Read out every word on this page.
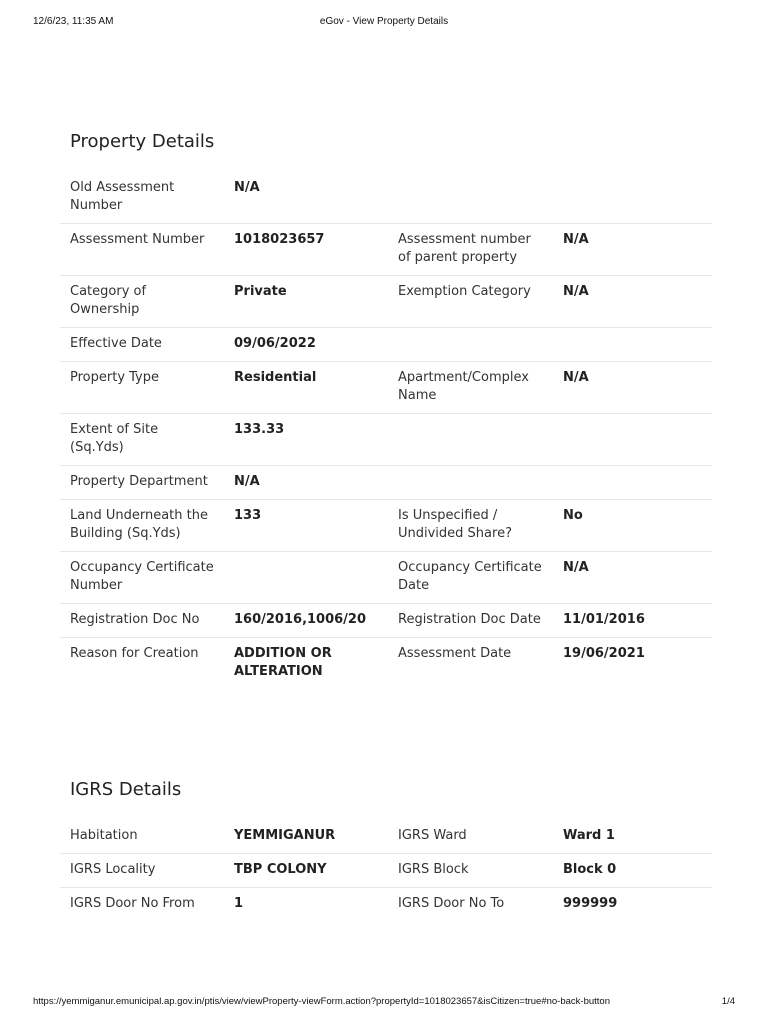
12/6/23, 11:35 AM	eGov - View Property Details
Property Details
Old Assessment Number	N/A		
Assessment Number	1018023657	Assessment number of parent property	N/A
Category of Ownership	Private	Exemption Category	N/A
Effective Date	09/06/2022		
Property Type	Residential	Apartment/Complex Name	N/A
Extent of Site (Sq.Yds)	133.33		
Property Department	N/A		
Land Underneath the Building (Sq.Yds)	133	Is Unspecified / Undivided Share?	No
Occupancy Certificate Number		Occupancy Certificate Date	N/A
Registration Doc No	160/2016,1006/20	Registration Doc Date	11/01/2016
Reason for Creation	ADDITION OR ALTERATION	Assessment Date	19/06/2021
IGRS Details
Habitation	YEMMIGANUR	IGRS Ward	Ward 1
IGRS Locality	TBP COLONY	IGRS Block	Block 0
IGRS Door No From	1	IGRS Door No To	999999
https://yemmiganur.emunicipal.ap.gov.in/ptis/view/viewProperty-viewForm.action?propertyId=1018023657&isCitizen=true#no-back-button	1/4
